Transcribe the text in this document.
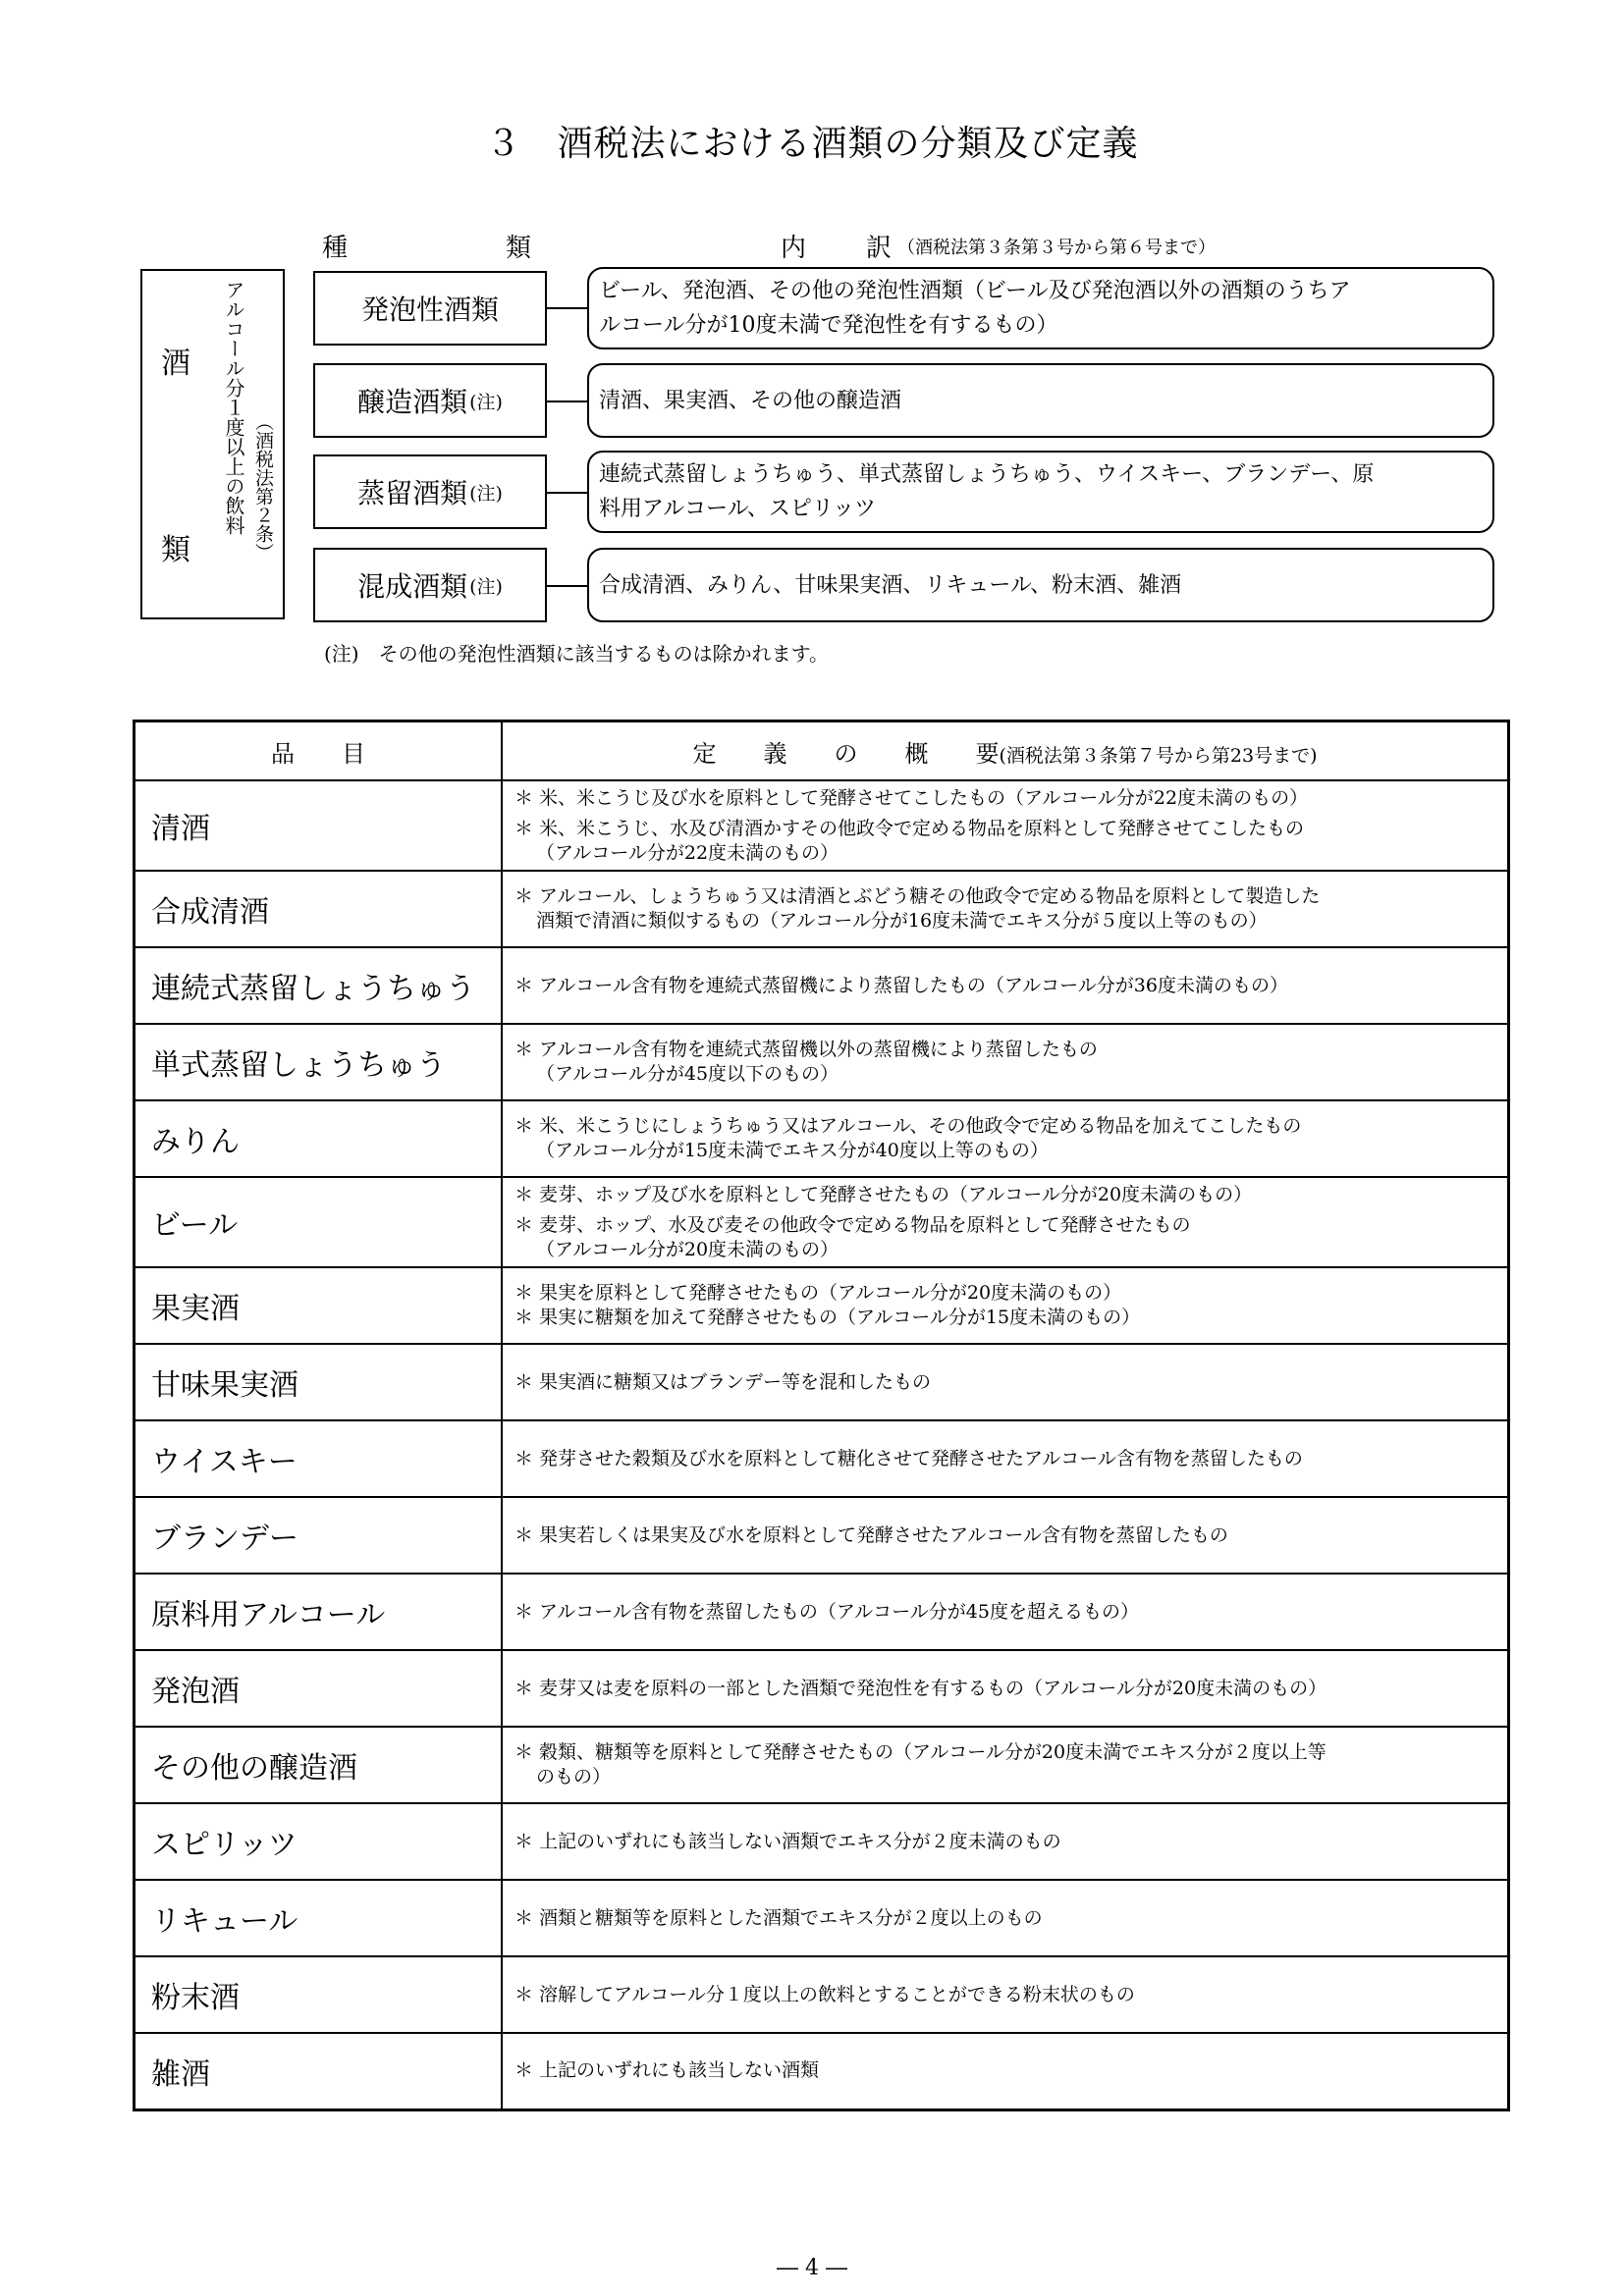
３ 酒税法における酒類の分類及び定義
種	類	内 訳 （酒税法第３条第３号から第６号まで）
酒
類
アルコール分１度以上の飲料 （酒税法第２条）
発泡性酒類
ビール、発泡酒、その他の発泡性酒類（ビール及び発泡酒以外の酒類のうちア
ルコール分が10度未満で発泡性を有するもの）
醸造酒類 (注)	清酒、果実酒、その他の醸造酒
蒸留酒類 (注)
連続式蒸留しょうちゅう、単式蒸留しょうちゅう、ウイスキー、ブランデー、原
料用アルコール、スピリッツ
混成酒類 (注)	合成清酒、みりん、甘味果実酒、リキュール、粉末酒、雑酒
(注)　その他の発泡性酒類に該当するものは除かれます。
品　　目	定　　義　　の　　概　　要(酒税法第３条第７号から第23号まで)
清酒	＊ 米、米こうじ及び水を原料として発酵させてこしたもの（アルコール分が22度未満のもの）
＊ 米、米こうじ、水及び清酒かすその他政令で定める物品を原料として発酵させてこしたもの
（アルコール分が22度未満のもの）

合成清酒	＊ アルコール、しょうちゅう又は清酒とぶどう糖その他政令で定める物品を原料として製造した
酒類で清酒に類似するもの（アルコール分が16度未満でエキス分が５度以上等のもの）

連続式蒸留しょうちゅう	＊ アルコール含有物を連続式蒸留機により蒸留したもの（アルコール分が36度未満のもの）

単式蒸留しょうちゅう	＊ アルコール含有物を連続式蒸留機以外の蒸留機により蒸留したもの
（アルコール分が45度以下のもの）

みりん	＊ 米、米こうじにしょうちゅう又はアルコール、その他政令で定める物品を加えてこしたもの
（アルコール分が15度未満でエキス分が40度以上等のもの）

ビール	＊ 麦芽、ホップ及び水を原料として発酵させたもの（アルコール分が20度未満のもの）
＊ 麦芽、ホップ、水及び麦その他政令で定める物品を原料として発酵させたもの
（アルコール分が20度未満のもの）

果実酒	＊ 果実を原料として発酵させたもの（アルコール分が20度未満のもの）
＊ 果実に糖類を加えて発酵させたもの（アルコール分が15度未満のもの）

甘味果実酒	＊ 果実酒に糖類又はブランデー等を混和したもの

ウイスキー	＊ 発芽させた穀類及び水を原料として糖化させて発酵させたアルコール含有物を蒸留したもの

ブランデー	＊ 果実若しくは果実及び水を原料として発酵させたアルコール含有物を蒸留したもの

原料用アルコール	＊ アルコール含有物を蒸留したもの（アルコール分が45度を超えるもの）

発泡酒	＊ 麦芽又は麦を原料の一部とした酒類で発泡性を有するもの（アルコール分が20度未満のもの）

その他の醸造酒	＊ 穀類、糖類等を原料として発酵させたもの（アルコール分が20度未満でエキス分が２度以上等
のもの）

スピリッツ	＊ 上記のいずれにも該当しない酒類でエキス分が２度未満のもの

リキュール	＊ 酒類と糖類等を原料とした酒類でエキス分が２度以上のもの

粉末酒	＊ 溶解してアルコール分１度以上の飲料とすることができる粉末状のもの

雑酒	＊ 上記のいずれにも該当しない酒類
― 4 ―
